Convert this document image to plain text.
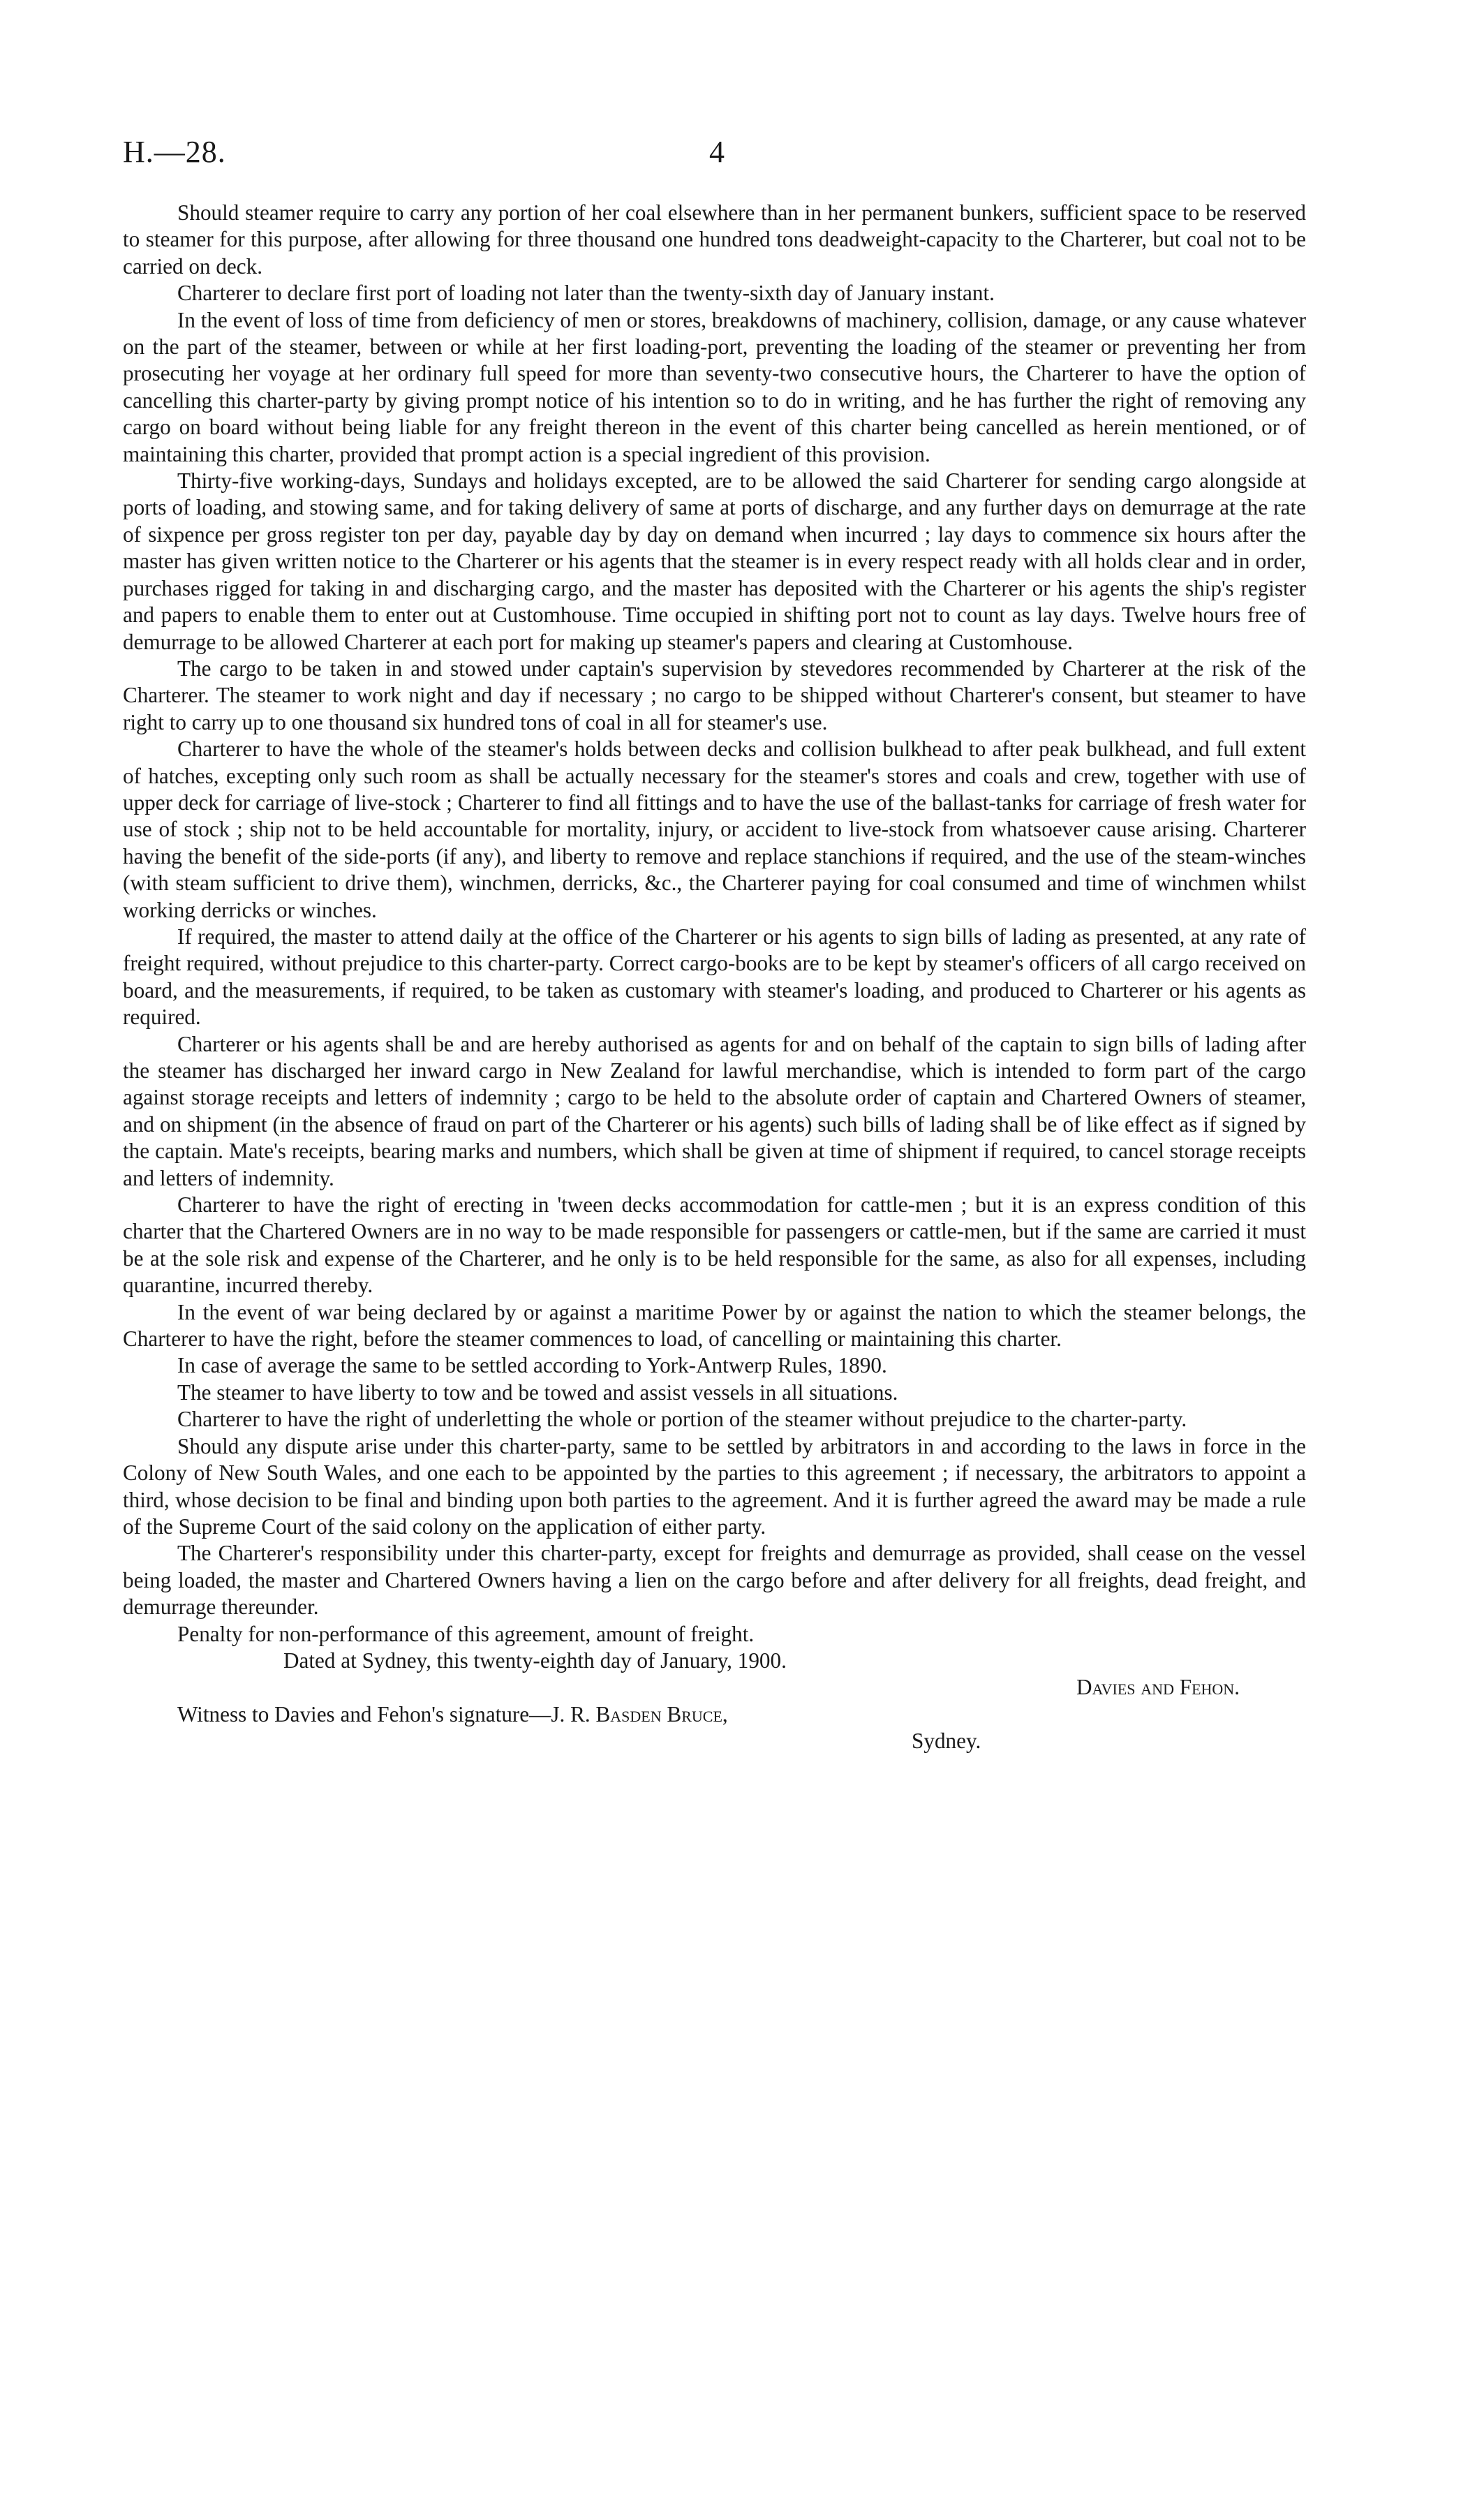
H.—28.	4

Should steamer require to carry any portion of her coal elsewhere than in her permanent bunkers, sufficient space to be reserved to steamer for this purpose, after allowing for three thousand one hundred tons deadweight-capacity to the Charterer, but coal not to be carried on deck.

Charterer to declare first port of loading not later than the twenty-sixth day of January instant.

In the event of loss of time from deficiency of men or stores, breakdowns of machinery, collision, damage, or any cause whatever on the part of the steamer, between or while at her first loading-port, preventing the loading of the steamer or preventing her from prosecuting her voyage at her ordinary full speed for more than seventy-two consecutive hours, the Charterer to have the option of cancelling this charter-party by giving prompt notice of his intention so to do in writing, and he has further the right of removing any cargo on board without being liable for any freight thereon in the event of this charter being cancelled as herein mentioned, or of maintaining this charter, provided that prompt action is a special ingredient of this provision.

Thirty-five working-days, Sundays and holidays excepted, are to be allowed the said Charterer for sending cargo alongside at ports of loading, and stowing same, and for taking delivery of same at ports of discharge, and any further days on demurrage at the rate of sixpence per gross register ton per day, payable day by day on demand when incurred ; lay days to commence six hours after the master has given written notice to the Charterer or his agents that the steamer is in every respect ready with all holds clear and in order, purchases rigged for taking in and discharging cargo, and the master has deposited with the Charterer or his agents the ship's register and papers to enable them to enter out at Customhouse. Time occupied in shifting port not to count as lay days. Twelve hours free of demurrage to be allowed Charterer at each port for making up steamer's papers and clearing at Customhouse.

The cargo to be taken in and stowed under captain's supervision by stevedores recommended by Charterer at the risk of the Charterer. The steamer to work night and day if necessary ; no cargo to be shipped without Charterer's consent, but steamer to have right to carry up to one thousand six hundred tons of coal in all for steamer's use.

Charterer to have the whole of the steamer's holds between decks and collision bulkhead to after peak bulkhead, and full extent of hatches, excepting only such room as shall be actually necessary for the steamer's stores and coals and crew, together with use of upper deck for carriage of live-stock ; Charterer to find all fittings and to have the use of the ballast-tanks for carriage of fresh water for use of stock ; ship not to be held accountable for mortality, injury, or accident to live-stock from whatsoever cause arising. Charterer having the benefit of the side-ports (if any), and liberty to remove and replace stanchions if required, and the use of the steam-winches (with steam sufficient to drive them), winchmen, derricks, &c., the Charterer paying for coal consumed and time of winchmen whilst working derricks or winches.

If required, the master to attend daily at the office of the Charterer or his agents to sign bills of lading as presented, at any rate of freight required, without prejudice to this charter-party. Correct cargo-books are to be kept by steamer's officers of all cargo received on board, and the measurements, if required, to be taken as customary with steamer's loading, and produced to Charterer or his agents as required.

Charterer or his agents shall be and are hereby authorised as agents for and on behalf of the captain to sign bills of lading after the steamer has discharged her inward cargo in New Zealand for lawful merchandise, which is intended to form part of the cargo against storage receipts and letters of indemnity ; cargo to be held to the absolute order of captain and Chartered Owners of steamer, and on shipment (in the absence of fraud on part of the Charterer or his agents) such bills of lading shall be of like effect as if signed by the captain. Mate's receipts, bearing marks and numbers, which shall be given at time of shipment if required, to cancel storage receipts and letters of indemnity.

Charterer to have the right of erecting in 'tween decks accommodation for cattle-men ; but it is an express condition of this charter that the Chartered Owners are in no way to be made responsible for passengers or cattle-men, but if the same are carried it must be at the sole risk and expense of the Charterer, and he only is to be held responsible for the same, as also for all expenses, including quarantine, incurred thereby.

In the event of war being declared by or against a maritime Power by or against the nation to which the steamer belongs, the Charterer to have the right, before the steamer commences to load, of cancelling or maintaining this charter.

In case of average the same to be settled according to York-Antwerp Rules, 1890.

The steamer to have liberty to tow and be towed and assist vessels in all situations.

Charterer to have the right of underletting the whole or portion of the steamer without prejudice to the charter-party.

Should any dispute arise under this charter-party, same to be settled by arbitrators in and according to the laws in force in the Colony of New South Wales, and one each to be appointed by the parties to this agreement ; if necessary, the arbitrators to appoint a third, whose decision to be final and binding upon both parties to the agreement. And it is further agreed the award may be made a rule of the Supreme Court of the said colony on the application of either party.

The Charterer's responsibility under this charter-party, except for freights and demurrage as provided, shall cease on the vessel being loaded, the master and Chartered Owners having a lien on the cargo before and after delivery for all freights, dead freight, and demurrage thereunder.

Penalty for non-performance of this agreement, amount of freight.

Dated at Sydney, this twenty-eighth day of January, 1900.

Davies and Fehon.

Witness to Davies and Fehon's signature—J. R. Basden Bruce,

Sydney.
